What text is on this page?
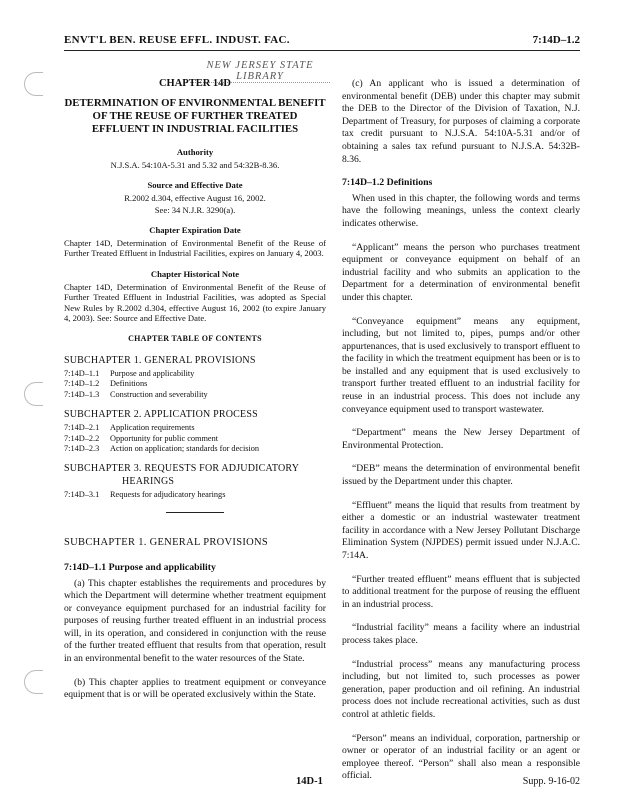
ENVT'L BEN. REUSE EFFL. INDUST. FAC.	7:14D–1.2
NEW JERSEY STATE LIBRARY

CHAPTER 14D

DETERMINATION OF ENVIRONMENTAL BENEFIT OF THE REUSE OF FURTHER TREATED EFFLUENT IN INDUSTRIAL FACILITIES

Authority

N.J.S.A. 54:10A-5.31 and 5.32 and 54:32B-8.36.

Source and Effective Date

R.2002 d.304, effective August 16, 2002.

See: 34 N.J.R. 3290(a).

Chapter Expiration Date

Chapter 14D, Determination of Environmental Benefit of the Reuse of Further Treated Effluent in Industrial Facilities, expires on January 4, 2003.

Chapter Historical Note

Chapter 14D, Determination of Environmental Benefit of the Reuse of Further Treated Effluent in Industrial Facilities, was adopted as Special New Rules by R.2002 d.304, effective August 16, 2002 (to expire January 4, 2003). See: Source and Effective Date.

CHAPTER TABLE OF CONTENTS

SUBCHAPTER 1. GENERAL PROVISIONS

7:14D–1.1 Purpose and applicability
7:14D–1.2 Definitions
7:14D–1.3 Construction and severability

SUBCHAPTER 2. APPLICATION PROCESS

7:14D–2.1 Application requirements
7:14D–2.2 Opportunity for public comment
7:14D–2.3 Action on application; standards for decision

SUBCHAPTER 3. REQUESTS FOR ADJUDICATORY HEARINGS

7:14D–3.1 Requests for adjudicatory hearings

SUBCHAPTER 1. GENERAL PROVISIONS

7:14D–1.1 Purpose and applicability

(a) This chapter establishes the requirements and procedures by which the Department will determine whether treatment equipment or conveyance equipment purchased for an industrial facility for purposes of reusing further treated effluent in an industrial process will, in its operation, and considered in conjunction with the reuse of the further treated effluent that results from that operation, result in an environmental benefit to the water resources of the State.

(b) This chapter applies to treatment equipment or conveyance equipment that is or will be operated exclusively within the State.

(c) An applicant who is issued a determination of environmental benefit (DEB) under this chapter may submit the DEB to the Director of the Division of Taxation, N.J. Department of Treasury, for purposes of claiming a corporate tax credit pursuant to N.J.S.A. 54:10A-5.31 and/or of obtaining a sales tax refund pursuant to N.J.S.A. 54:32B-8.36.

7:14D–1.2 Definitions

When used in this chapter, the following words and terms have the following meanings, unless the context clearly indicates otherwise.

“Applicant” means the person who purchases treatment equipment or conveyance equipment on behalf of an industrial facility and who submits an application to the Department for a determination of environmental benefit under this chapter.

“Conveyance equipment” means any equipment, including, but not limited to, pipes, pumps and/or other appurtenances, that is used exclusively to transport effluent to the facility in which the treatment equipment has been or is to be installed and any equipment that is used exclusively to transport further treated effluent to an industrial facility for reuse in an industrial process. This does not include any conveyance equipment used to transport wastewater.

“Department” means the New Jersey Department of Environmental Protection.

“DEB” means the determination of environmental benefit issued by the Department under this chapter.

“Effluent” means the liquid that results from treatment by either a domestic or an industrial wastewater treatment facility in accordance with a New Jersey Pollutant Discharge Elimination System (NJPDES) permit issued under N.J.A.C. 7:14A.

“Further treated effluent” means effluent that is subjected to additional treatment for the purpose of reusing the effluent in an industrial process.

“Industrial facility” means a facility where an industrial process takes place.

“Industrial process” means any manufacturing process including, but not limited to, such processes as power generation, paper production and oil refining. An industrial process does not include recreational activities, such as dust control at athletic fields.

“Person” means an individual, corporation, partnership or owner or operator of an industrial facility or an agent or employee thereof. “Person” shall also mean a responsible official.

14D-1	Supp. 9-16-02
